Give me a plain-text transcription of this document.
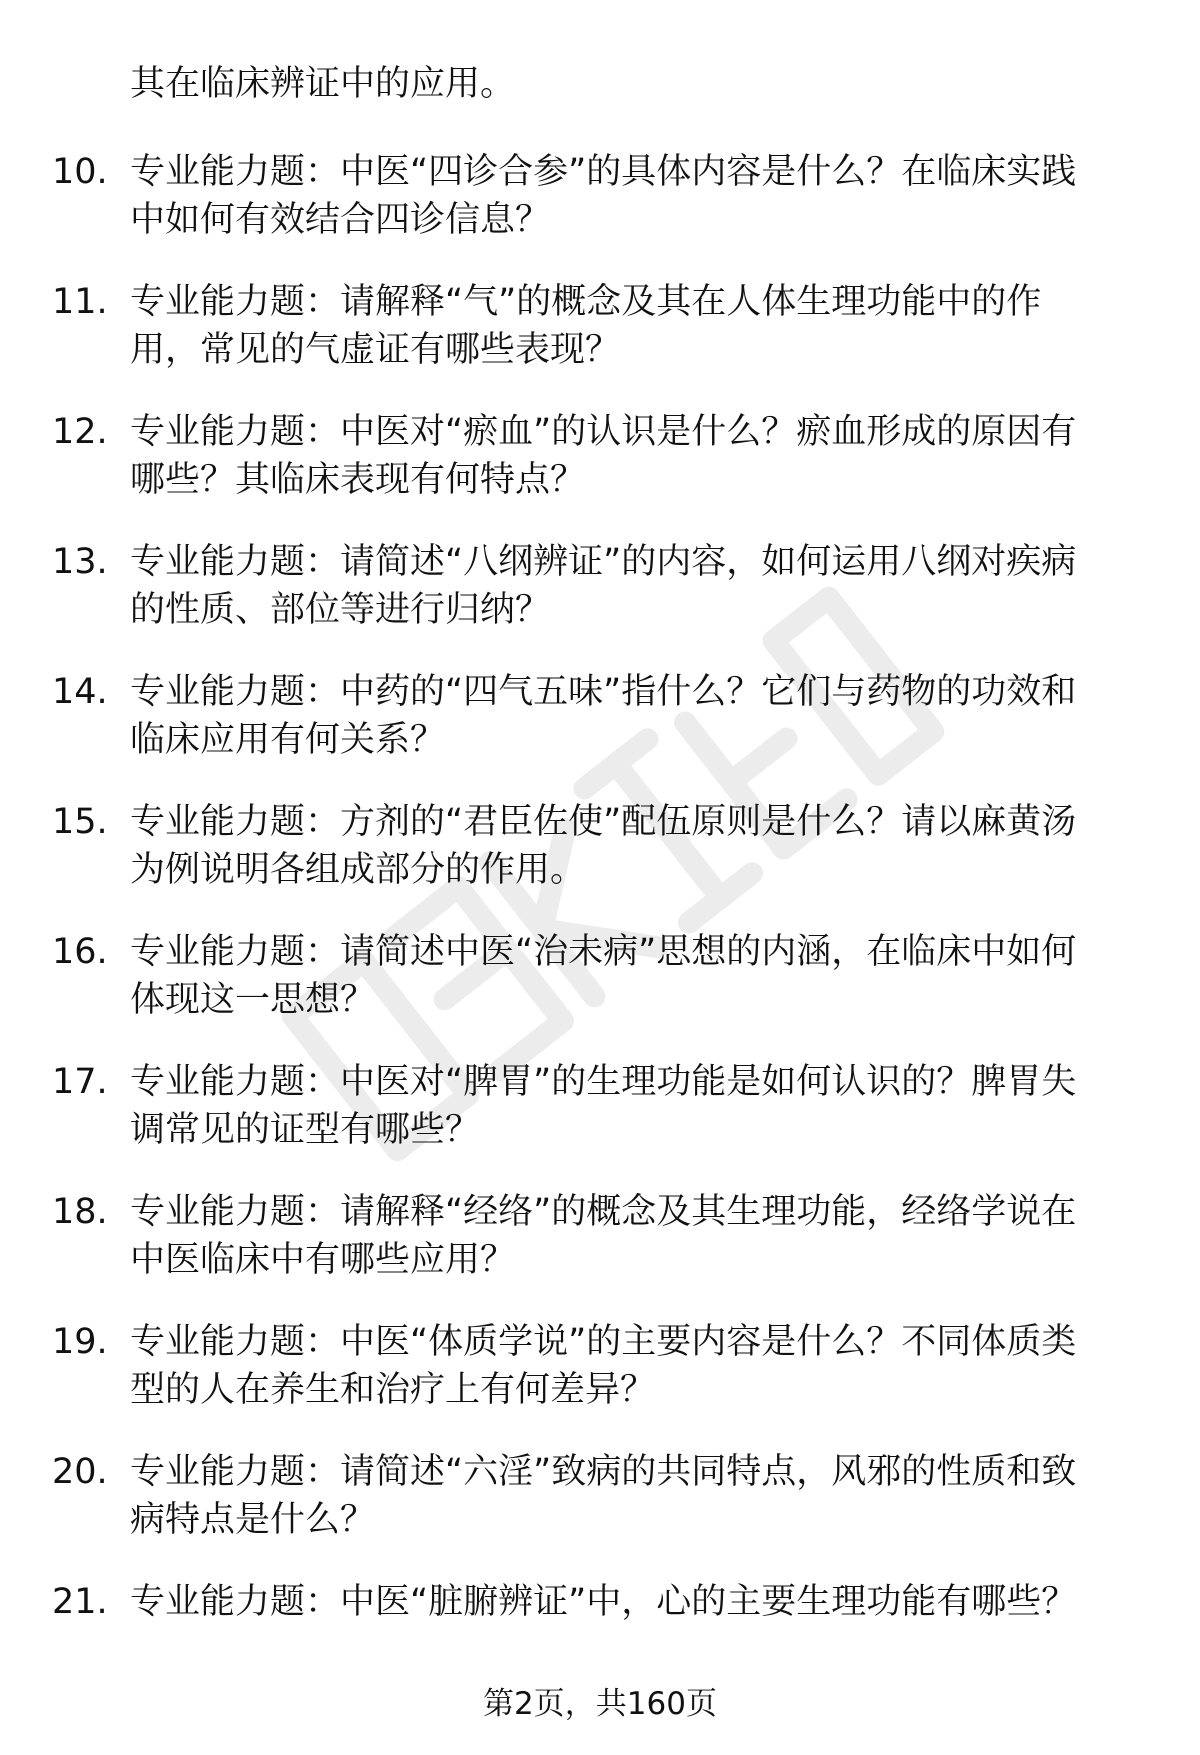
其在临床辨证中的应用。
10. 专业能力题：中医“四诊合参”的具体内容是什么？在临床实践
中如何有效结合四诊信息？
11. 专业能力题：请解释“气”的概念及其在人体生理功能中的作
用，常见的气虚证有哪些表现？
12. 专业能力题：中医对“瘀血”的认识是什么？瘀血形成的原因有
哪些？其临床表现有何特点？
13. 专业能力题：请简述“八纲辨证”的内容，如何运用八纲对疾病
的性质、部位等进行归纳？
14. 专业能力题：中药的“四气五味”指什么？它们与药物的功效和
临床应用有何关系？
15. 专业能力题：方剂的“君臣佐使”配伍原则是什么？请以麻黄汤
为例说明各组成部分的作用。
16. 专业能力题：请简述中医“治未病”思想的内涵，在临床中如何
体现这一思想？
17. 专业能力题：中医对“脾胃”的生理功能是如何认识的？脾胃失
调常见的证型有哪些？
18. 专业能力题：请解释“经络”的概念及其生理功能，经络学说在
中医临床中有哪些应用？
19. 专业能力题：中医“体质学说”的主要内容是什么？不同体质类
型的人在养生和治疗上有何差异？
20. 专业能力题：请简述“六淫”致病的共同特点，风邪的性质和致
病特点是什么？
21. 专业能力题：中医“脏腑辨证”中，心的主要生理功能有哪些？
第2页，共160页
